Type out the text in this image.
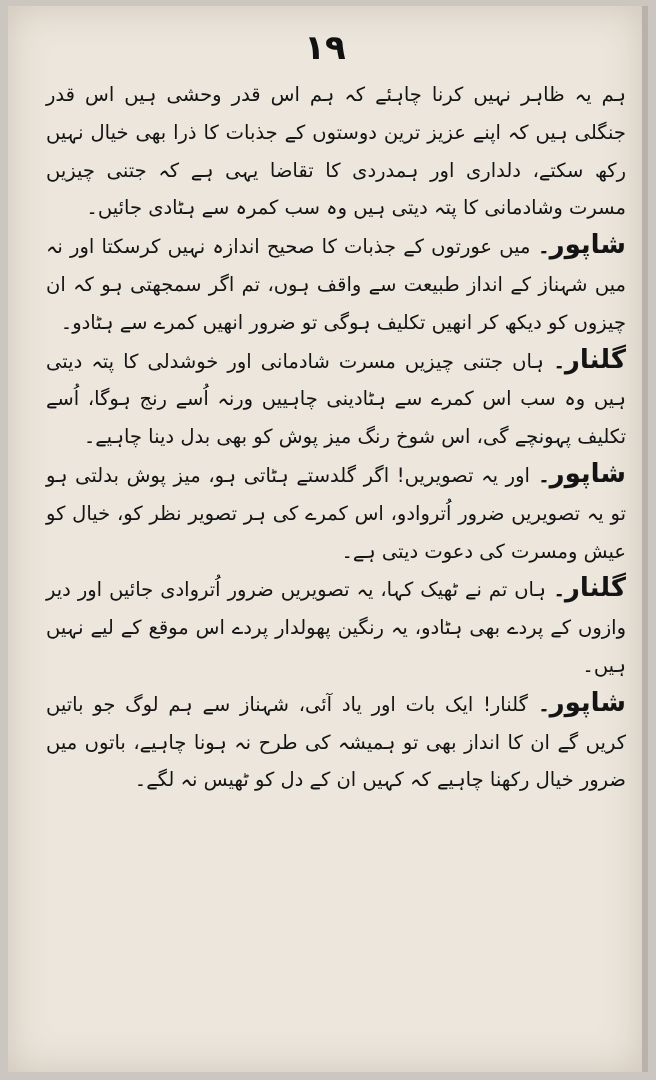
١٩

ہم یہ ظاہر نہیں کرنا چاہئے کہ ہم اس قدر وحشی ہیں اس قدر جنگلی ہیں کہ اپنے عزیز ترین دوستوں کے جذبات کا ذرا بھی خیال نہیں رکھ سکتے، دلداری اور ہمدردی کا تقاضا یہی ہے کہ جتنی چیزیں مسرت وشادمانی کا پتہ دیتی ہیں وہ سب کمرہ سے ہٹادی جائیں۔

شاپور۔ میں عورتوں کے جذبات کا صحیح اندازہ نہیں کرسکتا اور نہ میں شہناز کے انداز طبیعت سے واقف ہوں، تم اگر سمجھتی ہو کہ ان چیزوں کو دیکھ کر انھیں تکلیف ہوگی تو ضرور انھیں کمرے سے ہٹادو۔

گلنار۔ ہاں جتنی چیزیں مسرت شادمانی اور خوشدلی کا پتہ دیتی ہیں وہ سب اس کمرے سے ہٹادینی چاہییں ورنہ اُسے رنج ہوگا، اُسے تکلیف پہونچے گی، اس شوخ رنگ میز پوش کو بھی بدل دینا چاہیے۔

شاپور۔ اور یہ تصویریں! اگر گلدستے ہٹاتی ہو، میز پوش بدلتی ہو تو یہ تصویریں ضرور اُتروادو، اس کمرے کی ہر تصویر نظر کو، خیال کو عیش ومسرت کی دعوت دیتی ہے۔

گلنار۔ ہاں تم نے ٹھیک کہا، یہ تصویریں ضرور اُتروادی جائیں اور دیر وازوں کے پردے بھی ہٹادو، یہ رنگین پھولدار پردے اس موقع کے لیے نہیں ہیں۔

شاپور۔ گلنار! ایک بات اور یاد آئی، شہناز سے ہم لوگ جو باتیں کریں گے ان کا انداز بھی تو ہمیشہ کی طرح نہ ہونا چاہیے، باتوں میں ضرور خیال رکھنا چاہیے کہ کہیں ان کے دل کو ٹھیس نہ لگے۔
